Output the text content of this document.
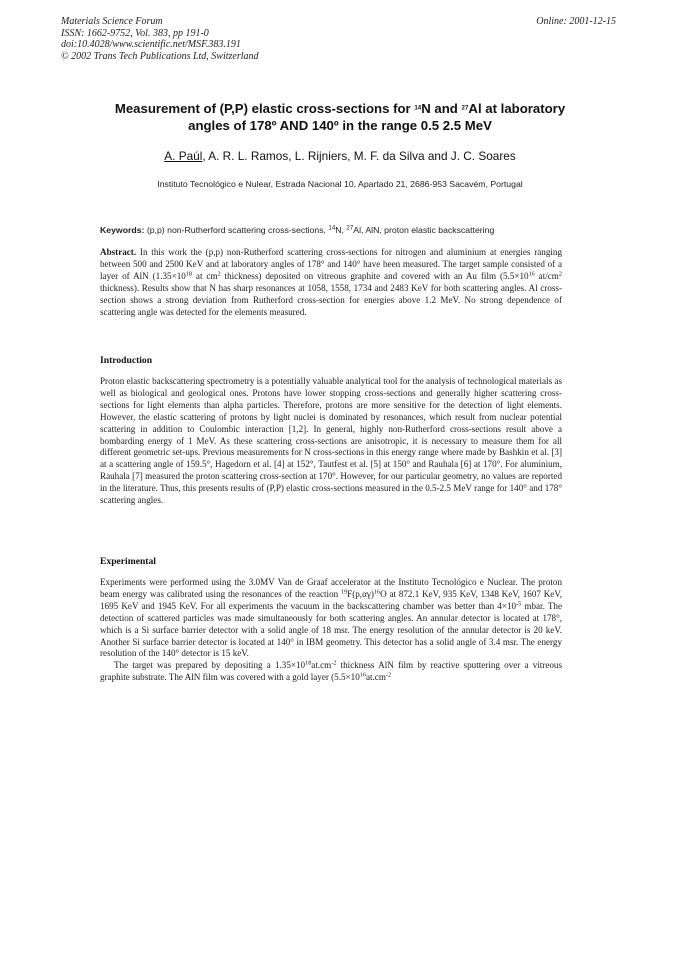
Materials Science Forum
ISSN: 1662-9752, Vol. 383, pp 191-0
doi:10.4028/www.scientific.net/MSF.383.191
© 2002 Trans Tech Publications Ltd, Switzerland
Online: 2001-12-15
Measurement of (P,P) elastic cross-sections for $^{14}$N and $^{27}$Al at laboratory
angles of 178º AND 140º in the range 0.5 2.5 MeV
A. Paúl, A. R. L. Ramos, L. Rijniers, M. F. da Silva and J. C. Soares
Instituto Tecnológico e Nulear, Estrada Nacional 10, Apartado 21, 2686-953 Sacavém, Portugal
Keywords: (p,p) non-Rutherford scattering cross-sections, $^{14}$N, $^{27}$Al, AlN, proton elastic backscattering
Abstract. In this work the (p,p) non-Rutherford scattering cross-sections for nitrogen and aluminium at energies ranging between 500 and 2500 KeV and at laboratory angles of 178° and 140° have been measured. The target sample consisted of a layer of AlN ($1.35\times 10^{18}$ at $cm^2$ thickness) deposited on vitreous graphite and covered with an Au film ($5.5\times 10^{16}$ $at/cm^2$ thickness). Results show that N has sharp resonances at 1058, 1558, 1734 and 2483 KeV for both scattering angles. Al cross-section shows a strong deviation from Rutherford cross-section for energies above 1.2 MeV. No strong dependence of scattering angle was detected for the elements measured.
Introduction
Proton elastic backscattering spectrometry is a potentially valuable analytical tool for the analysis of technological materials as well as biological and geological ones. Protons have lower stopping cross-sections and generally higher scattering cross-sections for light elements than alpha particles. Therefore, protons are more sensitive for the detection of light elements. However, the elastic scattering of protons by light nuclei is dominated by resonances, which result from nuclear potential scattering in addition to Coulombic interaction [1,2]. In general, highly non-Rutherford cross-sections result above a bombarding energy of 1 MeV. As these scattering cross-sections are anisotropic, it is necessary to measure them for all different geometric set-ups. Previous measurements for N cross-sections in this energy range where made by Bashkin et al. [3] at a scattering angle of 159.5°, Hagedorn et al. [4] at 152°, Tautfest et al. [5] at 150° and Rauhala [6] at 170°. For aluminium, Rauhala [7] measured the proton scattering cross-section at 170°. However, for our particular geometry, no values are reported in the literature. Thus, this presents results of (P,P) elastic cross-sections measured in the 0.5-2.5 MeV range for 140° and 178° scattering angles.
Experimental
Experiments were performed using the 3.0MV Van de Graaf accelerator at the Instituto Tecnológico e Nuclear. The proton beam energy was calibrated using the resonances of the reaction $^{19}F(p,\alpha\gamma)^{16}O$ at 872.1 KeV, 935 KeV, 1348 KeV, 1607 KeV, 1695 KeV and 1945 KeV. For all experiments the vacuum in the backscattering chamber was better than $4\times 10^{-5}$ mbar. The detection of scattered particles was made simultaneously for both scattering angles. An annular detector is located at 178°, which is a Si surface barrier detector with a solid angle of 18 msr. The energy resolution of the annular detector is 20 keV. Another Si surface barrier detector is located at 140° in IBM geometry. This detector has a solid angle of 3.4 msr. The energy resolution of the 140° detector is 15 keV.
The target was prepared by depositing a $1.35\times 10^{18}at.cm^{-2}$ thickness AlN film by reactive sputtering over a vitreous graphite substrate. The AlN film was covered with a gold layer ($5.5\times 10^{16}at.cm^{-2}$
